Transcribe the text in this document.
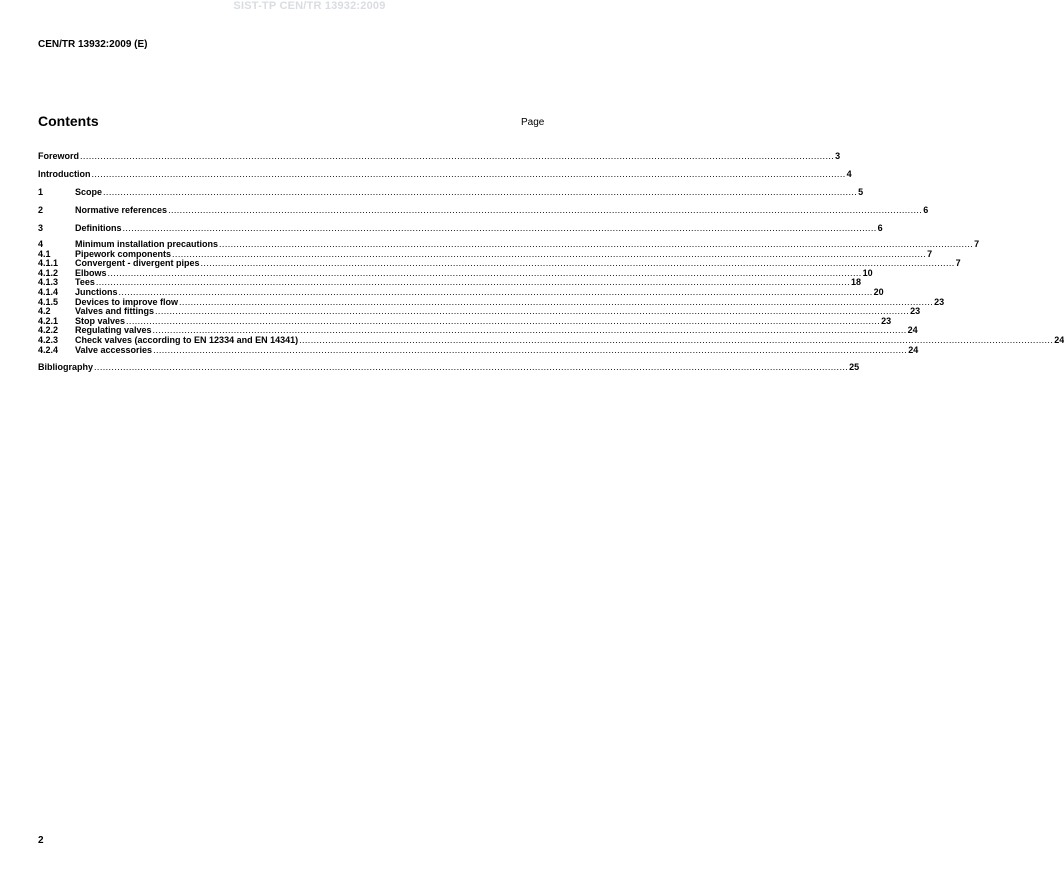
SIST-TP CEN/TR 13932:2009
CEN/TR 13932:2009 (E)
Contents	Page
Foreword .................................................................................................................................................................................................................................................................... 3
Introduction .................................................................................................................................................................................................................................................................... 4
1	Scope .................................................................................................................................................................................................................................................................... 5
2	Normative references .................................................................................................................................................................................................................................................................... 6
3	Definitions .................................................................................................................................................................................................................................................................... 6
4	Minimum installation precautions .................................................................................................................................................................................................................................................................... 7
4.1	Pipework components .................................................................................................................................................................................................................................................................... 7
4.1.1	Convergent - divergent pipes .................................................................................................................................................................................................................................................................... 7
4.1.2	Elbows .................................................................................................................................................................................................................................................................... 10
4.1.3	Tees .................................................................................................................................................................................................................................................................... 18
4.1.4	Junctions .................................................................................................................................................................................................................................................................... 20
4.1.5	Devices to improve flow .................................................................................................................................................................................................................................................................... 23
4.2	Valves and fittings .................................................................................................................................................................................................................................................................... 23
4.2.1	Stop valves .................................................................................................................................................................................................................................................................... 23
4.2.2	Regulating valves .................................................................................................................................................................................................................................................................... 24
4.2.3	Check valves (according to EN 12334 and EN 14341) .................................................................................................................................................................................................................................................................... 24
4.2.4	Valve accessories .................................................................................................................................................................................................................................................................... 24
Bibliography .................................................................................................................................................................................................................................................................... 25
2
